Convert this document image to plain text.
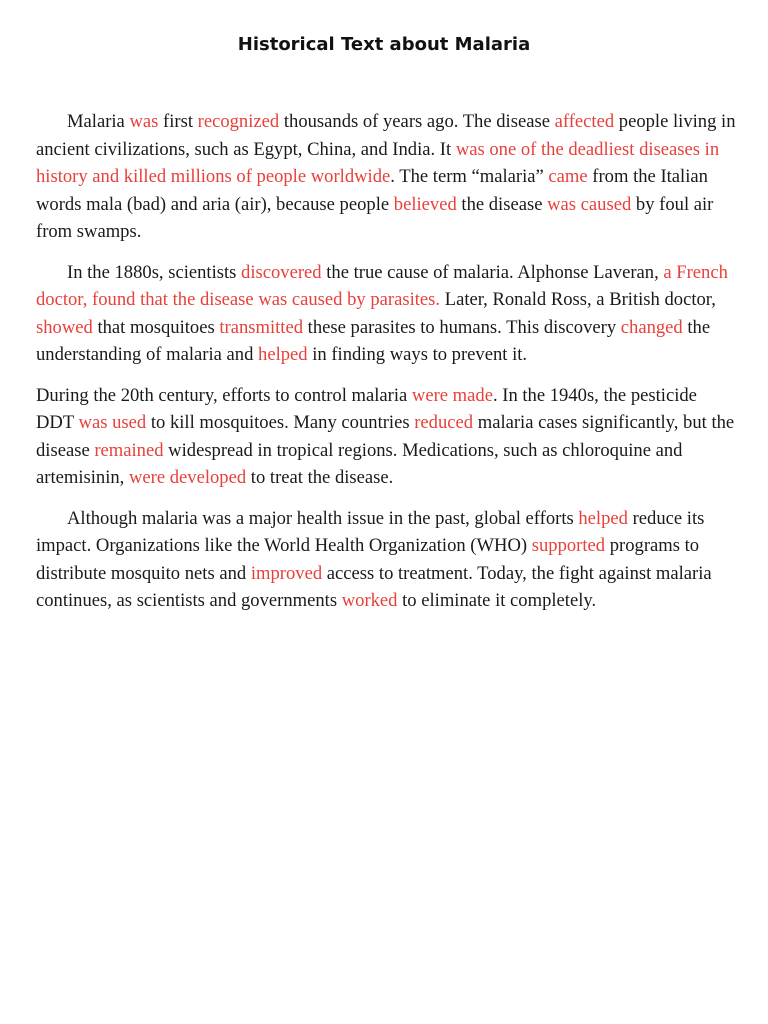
Historical Text about Malaria

Malaria was first recognized thousands of years ago. The disease affected people living in ancient civilizations, such as Egypt, China, and India. It was one of the deadliest diseases in history and killed millions of people worldwide. The term “malaria” came from the Italian words mala (bad) and aria (air), because people believed the disease was caused by foul air from swamps.

In the 1880s, scientists discovered the true cause of malaria. Alphonse Laveran, a French doctor, found that the disease was caused by parasites. Later, Ronald Ross, a British doctor, showed that mosquitoes transmitted these parasites to humans. This discovery changed the understanding of malaria and helped in finding ways to prevent it.

During the 20th century, efforts to control malaria were made. In the 1940s, the pesticide DDT was used to kill mosquitoes. Many countries reduced malaria cases significantly, but the disease remained widespread in tropical regions. Medications, such as chloroquine and artemisinin, were developed to treat the disease.

Although malaria was a major health issue in the past, global efforts helped reduce its impact. Organizations like the World Health Organization (WHO) supported programs to distribute mosquito nets and improved access to treatment. Today, the fight against malaria continues, as scientists and governments worked to eliminate it completely.
